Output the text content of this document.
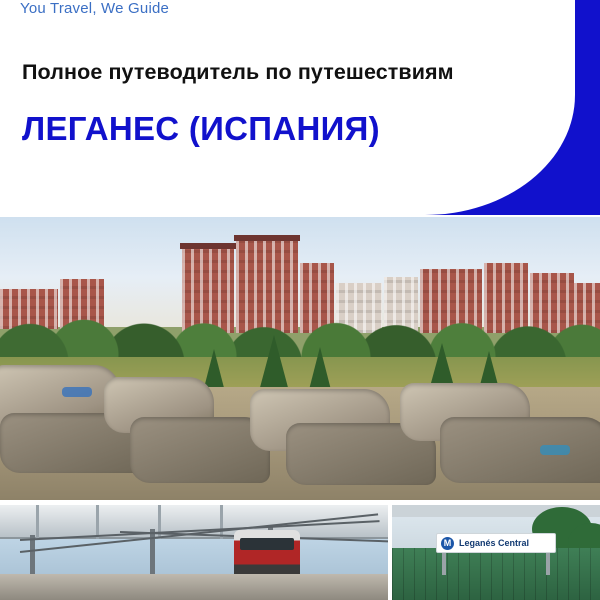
You Travel, We Guide
Полное путеводитель по путешествиям
ЛЕГАНЕС (ИСПАНИЯ)
M Leganés Central
